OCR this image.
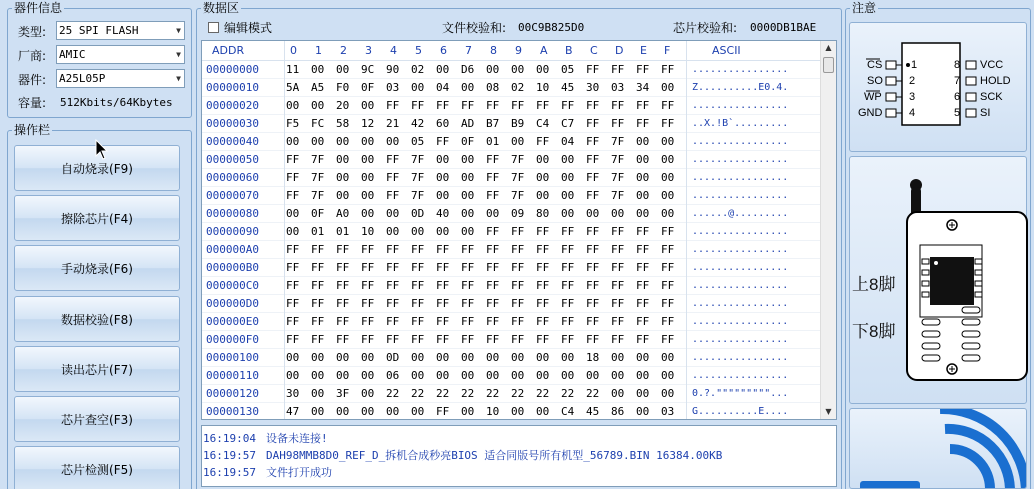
器件信息
类型:	25 SPI FLASH	▼
厂商:	AMIC	▼
器件:	A25L05P	▼
容量:	512Kbits/64Kbytes
操作栏
自动烧录(F9)
擦除芯片(F4)
手动烧录(F6)
数据校验(F8)
读出芯片(F7)
芯片查空(F3)
芯片检测(F5)
数据区
编辑模式	文件校验和: 00C9B825D0	芯片校验和: 0000DB1BAE
ADDR	0 1 2 3 4 5 6 7 8 9 A B C D E F	ASCII
00000000 11	00	00	9C	90	02	00	D6	00	00	00	05	FF	FF	FF	FF	................
00000010 5A	A5	F0	0F	03	00	04	00	08	02	10	45	30	03	34	00	Z..........E0.4.
00000020 00	00	20	00	FF	FF	FF	FF	FF	FF	FF	FF	FF	FF	FF	FF	................
00000030 F5	FC	58	12	21	42	60	AD	B7	B9	C4	C7	FF	FF	FF	FF	..X.!B`.........
00000040 00	00	00	00	00	05	FF	0F	01	00	FF	04	FF	7F	00	00	................
00000050 FF	7F	00	00	FF	7F	00	00	FF	7F	00	00	FF	7F	00	00	................
00000060 FF	7F	00	00	FF	7F	00	00	FF	7F	00	00	FF	7F	00	00	................
00000070 FF	7F	00	00	FF	7F	00	00	FF	7F	00	00	FF	7F	00	00	................
00000080 00	0F	A0	00	00	0D	40	00	00	09	80	00	00	00	00	00	......@.........
00000090 00	01	01	10	00	00	00	00	FF	FF	FF	FF	FF	FF	FF	FF	................
000000A0 FF	FF	FF	FF	FF	FF	FF	FF	FF	FF	FF	FF	FF	FF	FF	FF	................
000000B0 FF	FF	FF	FF	FF	FF	FF	FF	FF	FF	FF	FF	FF	FF	FF	FF	................
000000C0 FF	FF	FF	FF	FF	FF	FF	FF	FF	FF	FF	FF	FF	FF	FF	FF	................
000000D0 FF	FF	FF	FF	FF	FF	FF	FF	FF	FF	FF	FF	FF	FF	FF	FF	................
000000E0 FF	FF	FF	FF	FF	FF	FF	FF	FF	FF	FF	FF	FF	FF	FF	FF	................
000000F0 FF	FF	FF	FF	FF	FF	FF	FF	FF	FF	FF	FF	FF	FF	FF	FF	................
00000100 00	00	00	00	0D	00	00	00	00	00	00	00	18	00	00	00	................
00000110 00	00	00	00	06	00	00	00	00	00	00	00	00	00	00	00	................
00000120 30	00	3F	00	22	22	22	22	22	22	22	22	22	00	00	00	0.?."""""""""...
00000130 47	00	00	00	00	00	FF	00	10	00	00	C4	45	86	00	03	G..........E....
▲
▼
16:19:04 设备未连接!
16:19:57 DAH98MMB8D0_REF_D_拆机合成秒亮BIOS 适合同版号所有机型_56789.BIN 16384.00KB
16:19:57 文件打开成功
注意
CS
SO
WP
GND
1
2
3
4
8
7
6
5
VCC
HOLD
SCK
SI
上8脚
下8脚
